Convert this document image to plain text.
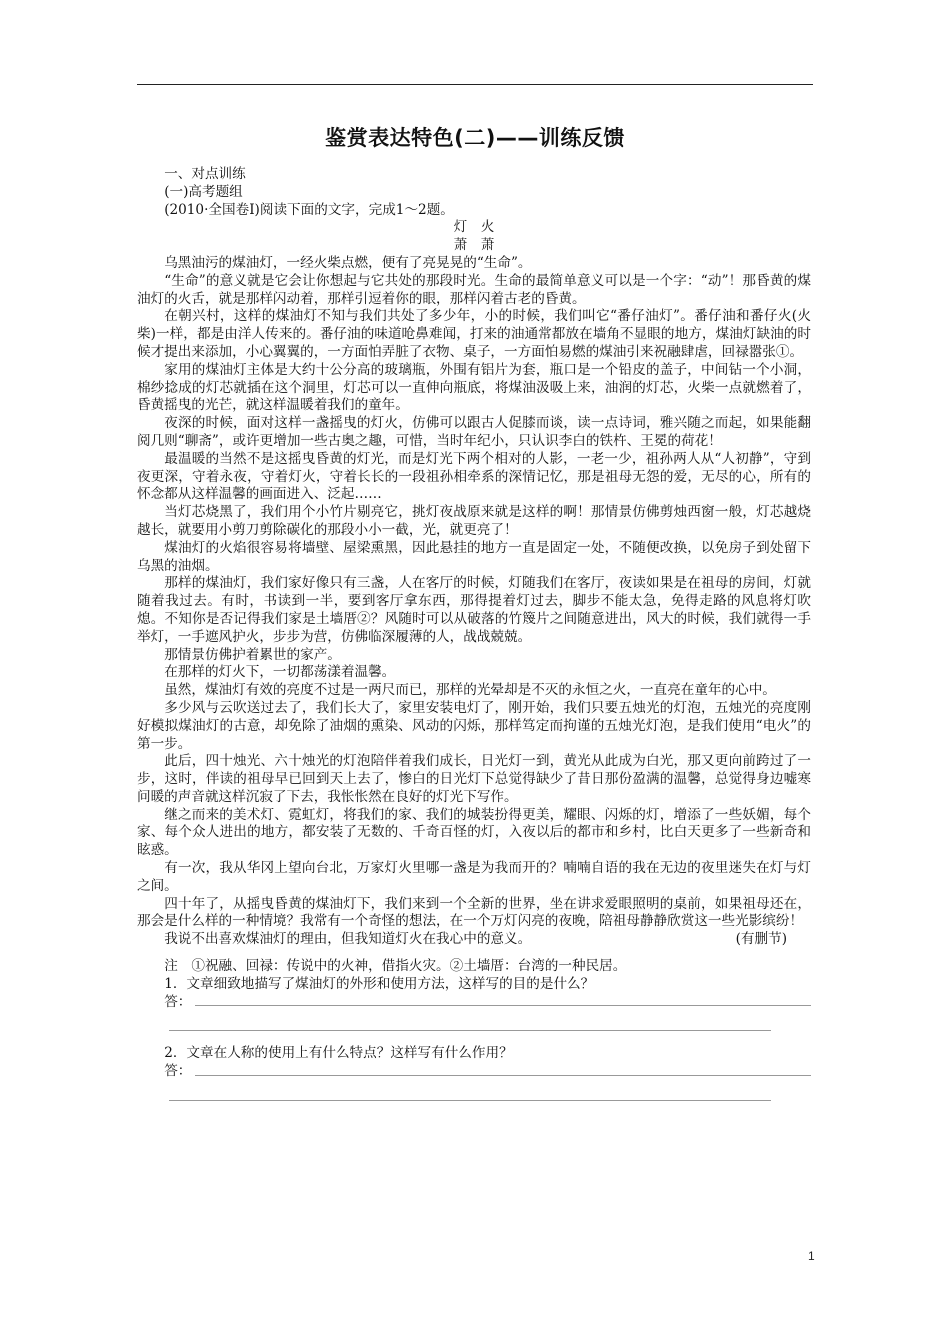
鉴赏表达特色(二)——训练反馈
一、对点训练
(一)高考题组
(2010·全国卷Ⅰ)阅读下面的文字，完成1～2题。
灯　火
萧　萧

乌黑油污的煤油灯，一经火柴点燃，便有了亮晃晃的“生命”。

“生命”的意义就是它会让你想起与它共处的那段时光。生命的最简单意义可以是一个字：“动”！那昏黄的煤油灯的火舌，就是那样闪动着，那样引逗着你的眼，那样闪着古老的昏黄。

在朝兴村，这样的煤油灯不知与我们共处了多少年，小的时候，我们叫它“番仔油灯”。番仔油和番仔火(火柴)一样，都是由洋人传来的。番仔油的味道呛鼻难闻，打来的油通常都放在墙角不显眼的地方，煤油灯缺油的时候才提出来添加，小心翼翼的，一方面怕弄脏了衣物、桌子，一方面怕易燃的煤油引来祝融肆虐，回禄嚣张①。

家用的煤油灯主体是大约十公分高的玻璃瓶，外围有铝片为套，瓶口是一个铅皮的盖子，中间钻一个小洞，棉纱捻成的灯芯就插在这个洞里，灯芯可以一直伸向瓶底，将煤油汲吸上来，油润的灯芯，火柴一点就燃着了，昏黄摇曳的光芒，就这样温暖着我们的童年。

夜深的时候，面对这样一盏摇曳的灯火，仿佛可以跟古人促膝而谈，读一点诗词，雅兴随之而起，如果能翻阅几则“聊斋”，或许更增加一些古奥之趣，可惜，当时年纪小，只认识李白的铁杵、王冕的荷花！

最温暖的当然不是这摇曳昏黄的灯光，而是灯光下两个相对的人影，一老一少，祖孙两人从“人初静”，守到夜更深，守着永夜，守着灯火，守着长长的一段祖孙相牵系的深情记忆，那是祖母无怨的爱，无尽的心，所有的怀念都从这样温馨的画面进入、泛起……

当灯芯烧黑了，我们用个小竹片剔亮它，挑灯夜战原来就是这样的啊！那情景仿佛剪烛西窗一般，灯芯越烧越长，就要用小剪刀剪除碳化的那段小小一截，光，就更亮了！

煤油灯的火焰很容易将墙壁、屋梁熏黑，因此悬挂的地方一直是固定一处，不随便改换，以免房子到处留下乌黑的油烟。

那样的煤油灯，我们家好像只有三盏，人在客厅的时候，灯随我们在客厅，夜读如果是在祖母的房间，灯就随着我过去。有时，书读到一半，要到客厅拿东西，那得提着灯过去，脚步不能太急，免得走路的风息将灯吹熄。不知你是否记得我们家是土墙厝②？风随时可以从破落的竹篾片之间随意进出，风大的时候，我们就得一手举灯，一手遮风护火，步步为营，仿佛临深履薄的人，战战兢兢。

那情景仿佛护着累世的家产。

在那样的灯火下，一切都荡漾着温馨。

虽然，煤油灯有效的亮度不过是一两尺而已，那样的光晕却是不灭的永恒之火，一直亮在童年的心中。

多少风与云吹送过去了，我们长大了，家里安装电灯了，刚开始，我们只要五烛光的灯泡，五烛光的亮度刚好模拟煤油灯的古意，却免除了油烟的熏染、风动的闪烁，那样笃定而拘谨的五烛光灯泡，是我们使用“电火”的第一步。

此后，四十烛光、六十烛光的灯泡陪伴着我们成长，日光灯一到，黄光从此成为白光，那又更向前跨过了一步，这时，伴读的祖母早已回到天上去了，惨白的日光灯下总觉得缺少了昔日那份盈满的温馨，总觉得身边嘘寒问暖的声音就这样沉寂了下去，我怅怅然在良好的灯光下写作。

继之而来的美术灯、霓虹灯，将我们的家、我们的城装扮得更美，耀眼、闪烁的灯，增添了一些妖媚，每个家、每个众人进出的地方，都安装了无数的、千奇百怪的灯，入夜以后的都市和乡村，比白天更多了一些新奇和眩惑。

有一次，我从华冈上望向台北，万家灯火里哪一盏是为我而开的？喃喃自语的我在无边的夜里迷失在灯与灯之间。

四十年了，从摇曳昏黄的煤油灯下，我们来到一个全新的世界，坐在讲求爱眼照明的桌前，如果祖母还在，那会是什么样的一种情境？我常有一个奇怪的想法，在一个万灯闪亮的夜晚，陪祖母静静欣赏这一些光影缤纷！

我说不出喜欢煤油灯的理由，但我知道灯火在我心中的意义。	(有删节)
注　①祝融、回禄：传说中的火神，借指火灾。②土墙厝：台湾的一种民居。
1．文章细致地描写了煤油灯的外形和使用方法，这样写的目的是什么？
答：
2．文章在人称的使用上有什么特点？这样写有什么作用？
答：
1
